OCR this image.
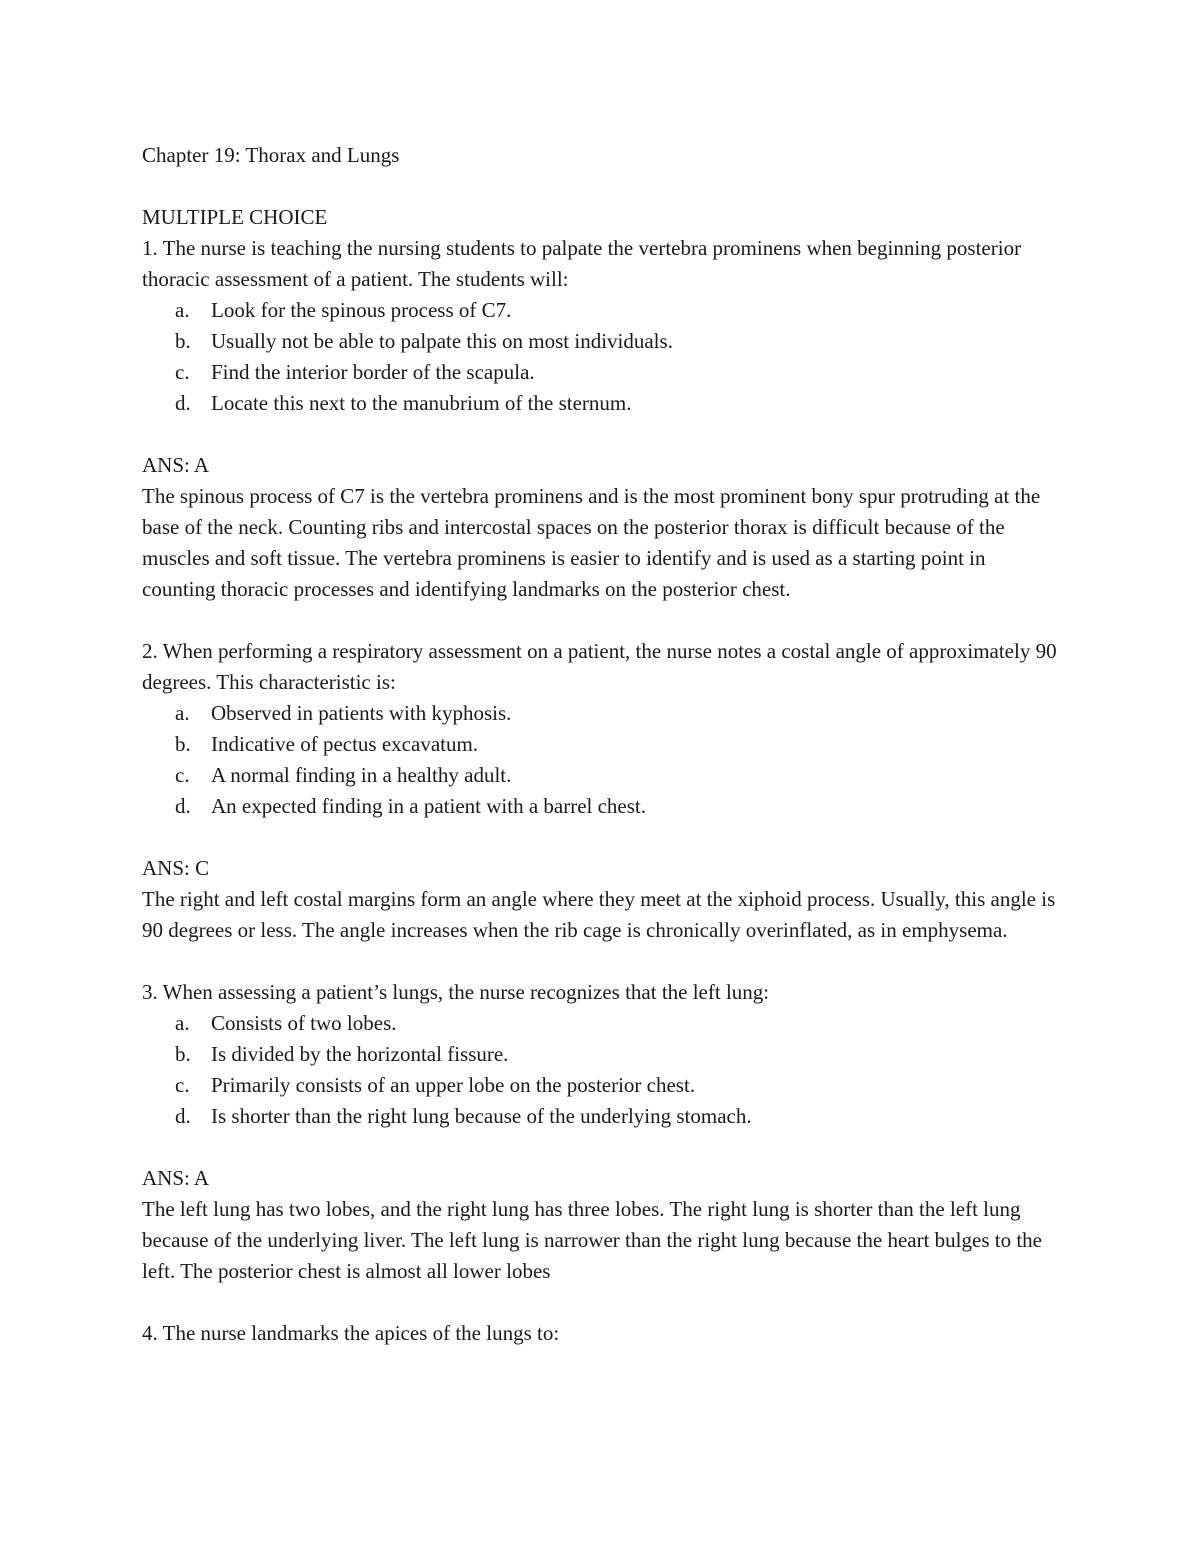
Chapter 19: Thorax and Lungs

MULTIPLE CHOICE

1. The nurse is teaching the nursing students to palpate the vertebra prominens when beginning posterior thoracic assessment of a patient. The students will:

a. Look for the spinous process of C7.
b. Usually not be able to palpate this on most individuals.
c. Find the interior border of the scapula.
d. Locate this next to the manubrium of the sternum.

ANS: A

The spinous process of C7 is the vertebra prominens and is the most prominent bony spur protruding at the base of the neck. Counting ribs and intercostal spaces on the posterior thorax is difficult because of the muscles and soft tissue. The vertebra prominens is easier to identify and is used as a starting point in counting thoracic processes and identifying landmarks on the posterior chest.

2. When performing a respiratory assessment on a patient, the nurse notes a costal angle of approximately 90 degrees. This characteristic is:

a. Observed in patients with kyphosis.
b. Indicative of pectus excavatum.
c. A normal finding in a healthy adult.
d. An expected finding in a patient with a barrel chest.

ANS: C

The right and left costal margins form an angle where they meet at the xiphoid process. Usually, this angle is 90 degrees or less. The angle increases when the rib cage is chronically overinflated, as in emphysema.

3. When assessing a patient’s lungs, the nurse recognizes that the left lung:

a. Consists of two lobes.
b. Is divided by the horizontal fissure.
c. Primarily consists of an upper lobe on the posterior chest.
d. Is shorter than the right lung because of the underlying stomach.

ANS: A

The left lung has two lobes, and the right lung has three lobes. The right lung is shorter than the left lung because of the underlying liver. The left lung is narrower than the right lung because the heart bulges to the left. The posterior chest is almost all lower lobes

4. The nurse landmarks the apices of the lungs to:
